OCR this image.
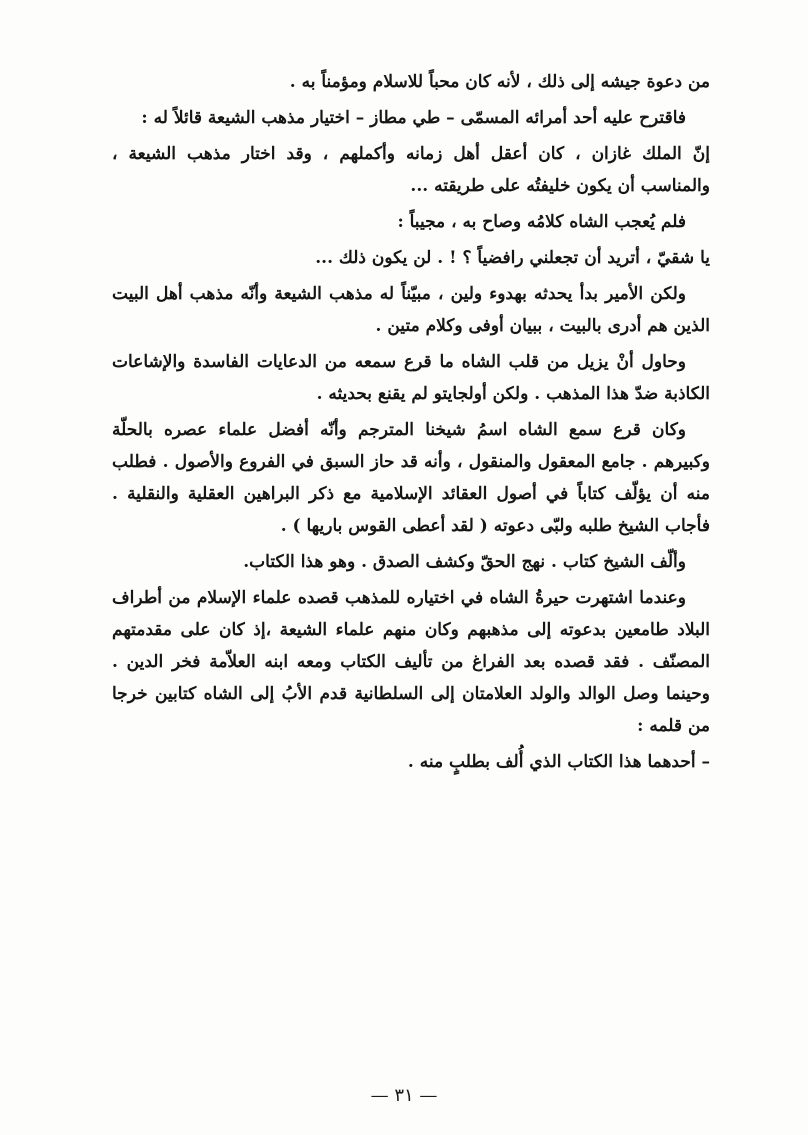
من دعوة جيشه إلى ذلك ، لأنه كان محباً للاسلام ومؤمناً به .

فاقترح عليه أحد أمرائه المسمّى – طي مطاز – اختيار مذهب الشيعة قائلاً له :

إنّ الملك غازان ، كان أعقل أهل زمانه وأكملهم ، وقد اختار مذهب الشيعة ، والمناسب أن يكون خليفتُه على طريقته ...

فلم يُعجب الشاه كلامُه وصاح به ، مجيباً :

يا شقيّ ، أتريد أن تجعلني رافضياً ؟ ! . لن يكون ذلك ...

ولكن الأمير بدأ يحدثه بهدوء ولين ، مبيّناً له مذهب الشيعة وأنّه مذهب أهل البيت الذين هم أدرى بالبيت ، ببيان أوفى وكلام متين .

وحاول أنْ يزيل من قلب الشاه ما قرع سمعه من الدعايات الفاسدة والإشاعات الكاذبة ضدّ هذا المذهب . ولكن أولجايتو لم يقنع بحديثه .

وكان قرع سمع الشاه اسمُ شيخنا المترجم وأنّه أفضل علماء عصره بالحلّة وكبيرهم . جامع المعقول والمنقول ، وأنه قد حاز السبق في الفروع والأصول . فطلب منه أن يؤلّف كتاباً في أصول العقائد الإسلامية مع ذكر البراهين العقلية والنقلية . فأجاب الشيخ طلبه ولبّى دعوته ( لقد أعطى القوس باريها ) .

وألّف الشيخ كتاب . نهج الحقّ وكشف الصدق . وهو هذا الكتاب.

وعندما اشتهرت حيرةُ الشاه في اختياره للمذهب قصده علماء الإسلام من أطراف البلاد طامعين بدعوته إلى مذهبهم وكان منهم علماء الشيعة ،إذ كان على مقدمتهم المصنّف . فقد قصده بعد الفراغ من تأليف الكتاب ومعه ابنه العلاّمة فخر الدين . وحينما وصل الوالد والولد العلامتان إلى السلطانية قدم الأبُ إلى الشاه كتابين خرجا من قلمه :

– أحدهما هذا الكتاب الذي أُلف بطلبٍ منه .

— ٣١ —
